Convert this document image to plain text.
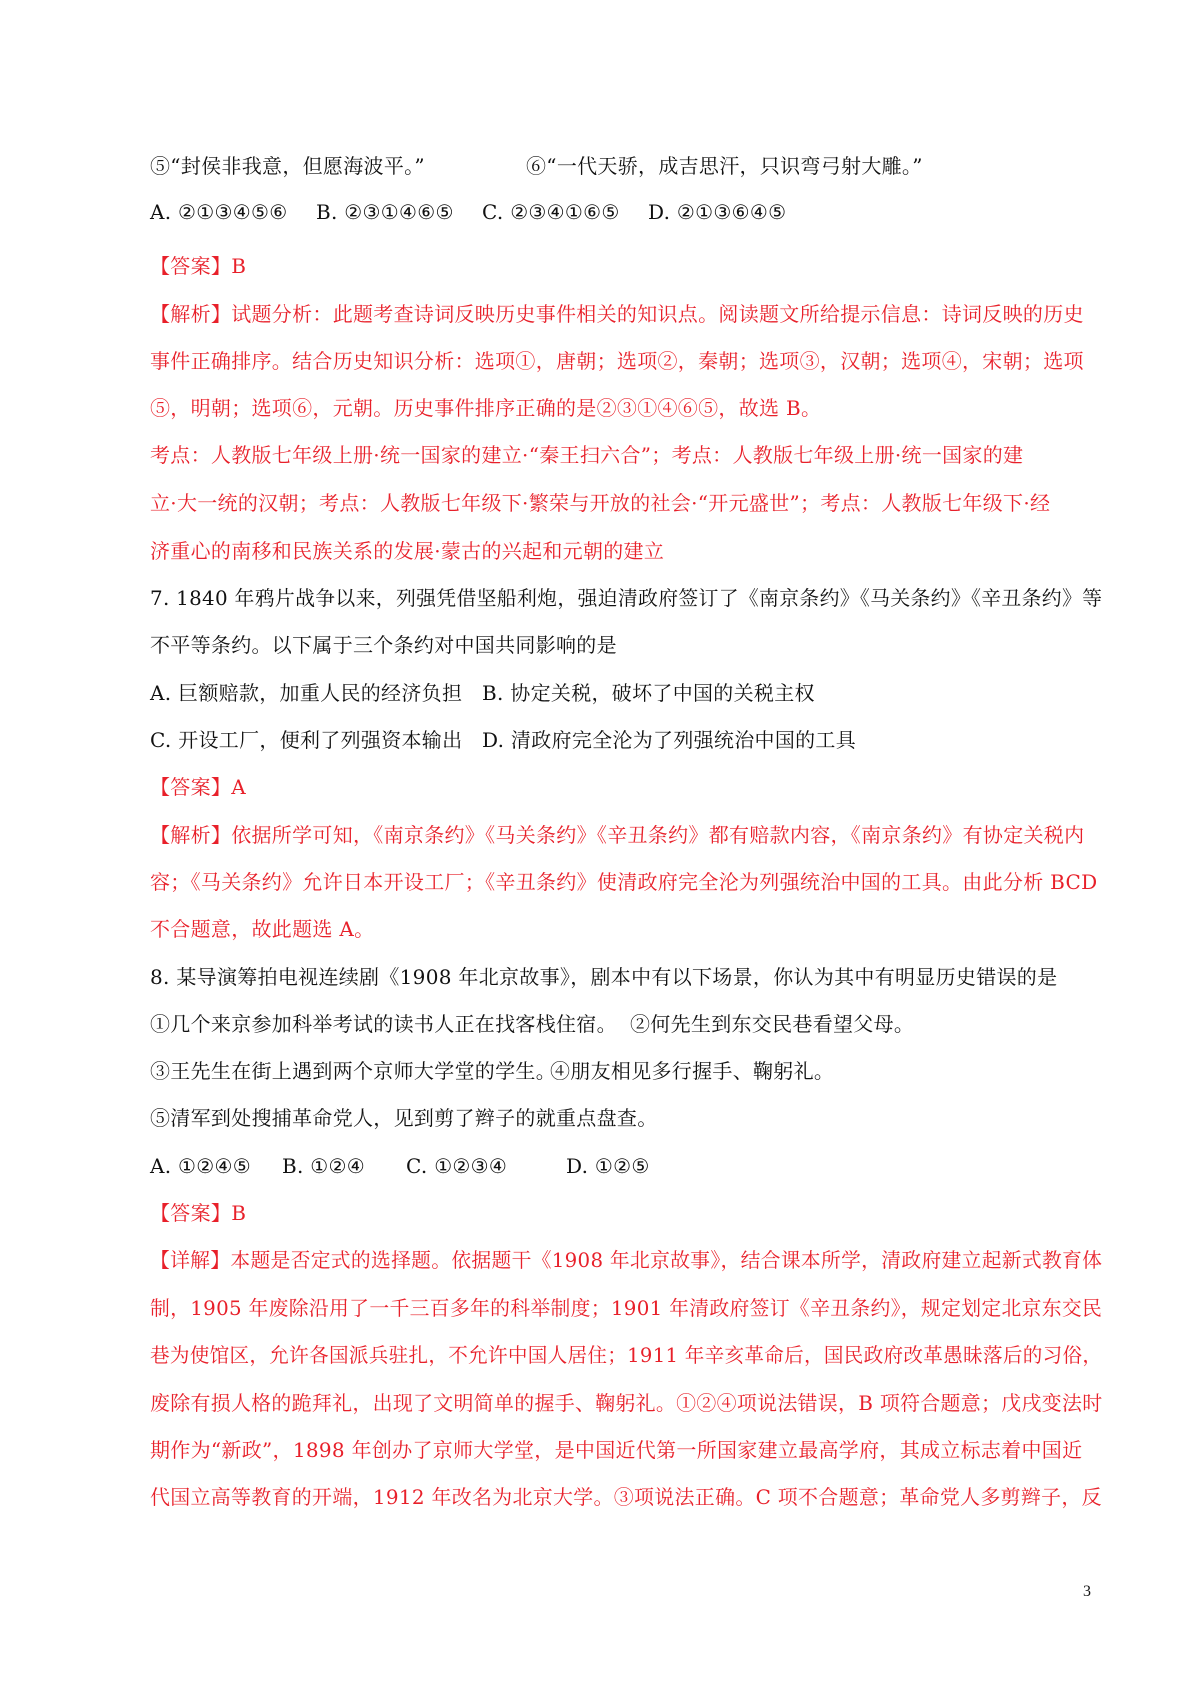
⑤“封侯非我意，但愿海波平。”	⑥“一代天骄，成吉思汗，只识弯弓射大雕。”
A. ②①③④⑤⑥ B. ②③①④⑥⑤ C. ②③④①⑥⑤ D. ②①③⑥④⑤
【答案】B
【解析】试题分析：此题考查诗词反映历史事件相关的知识点。阅读题文所给提示信息：诗词反映的历史
事件正确排序。结合历史知识分析：选项①，唐朝；选项②，秦朝；选项③，汉朝；选项④，宋朝；选项
⑤，明朝；选项⑥，元朝。历史事件排序正确的是②③①④⑥⑤，故选 B。
考点：人教版七年级上册·统一国家的建立·“秦王扫六合”；考点：人教版七年级上册·统一国家的建
立·大一统的汉朝；考点：人教版七年级下·繁荣与开放的社会·“开元盛世”；考点：人教版七年级下·经
济重心的南移和民族关系的发展·蒙古的兴起和元朝的建立
7. 1840 年鸦片战争以来，列强凭借坚船利炮，强迫清政府签订了《南京条约》《马关条约》《辛丑条约》等
不平等条约。以下属于三个条约对中国共同影响的是
A. 巨额赔款，加重人民的经济负担 B. 协定关税，破坏了中国的关税主权
C. 开设工厂，便利了列强资本输出 D. 清政府完全沦为了列强统治中国的工具
【答案】A
【解析】依据所学可知，《南京条约》《马关条约》《辛丑条约》都有赔款内容，《南京条约》有协定关税内
容；《马关条约》允许日本开设工厂；《辛丑条约》使清政府完全沦为列强统治中国的工具。由此分析 BCD
不合题意，故此题选 A。
8. 某导演筹拍电视连续剧《1908 年北京故事》，剧本中有以下场景，你认为其中有明显历史错误的是
①几个来京参加科举考试的读书人正在找客栈住宿。 ②何先生到东交民巷看望父母。
③王先生在街上遇到两个京师大学堂的学生。
④朋友相见多行握手、鞠躬礼。
⑤清军到处搜捕革命党人，见到剪了辫子的就重点盘查。
A. ①②④⑤ B. ①②④ C. ①②③④	D. ①②⑤
【答案】B
【详解】本题是否定式的选择题。依据题干《1908 年北京故事》，结合课本所学，清政府建立起新式教育体
制，1905 年废除沿用了一千三百多年的科举制度；1901 年清政府签订《辛丑条约》，规定划定北京东交民
巷为使馆区，允许各国派兵驻扎，不允许中国人居住；1911 年辛亥革命后，国民政府改革愚昧落后的习俗，
废除有损人格的跪拜礼，出现了文明简单的握手、鞠躬礼。①②④项说法错误，B 项符合题意；戊戌变法时
期作为“新政”，1898 年创办了京师大学堂，是中国近代第一所国家建立最高学府，其成立标志着中国近
代国立高等教育的开端，1912 年改名为北京大学。③项说法正确。C 项不合题意；革命党人多剪辫子，反
3
